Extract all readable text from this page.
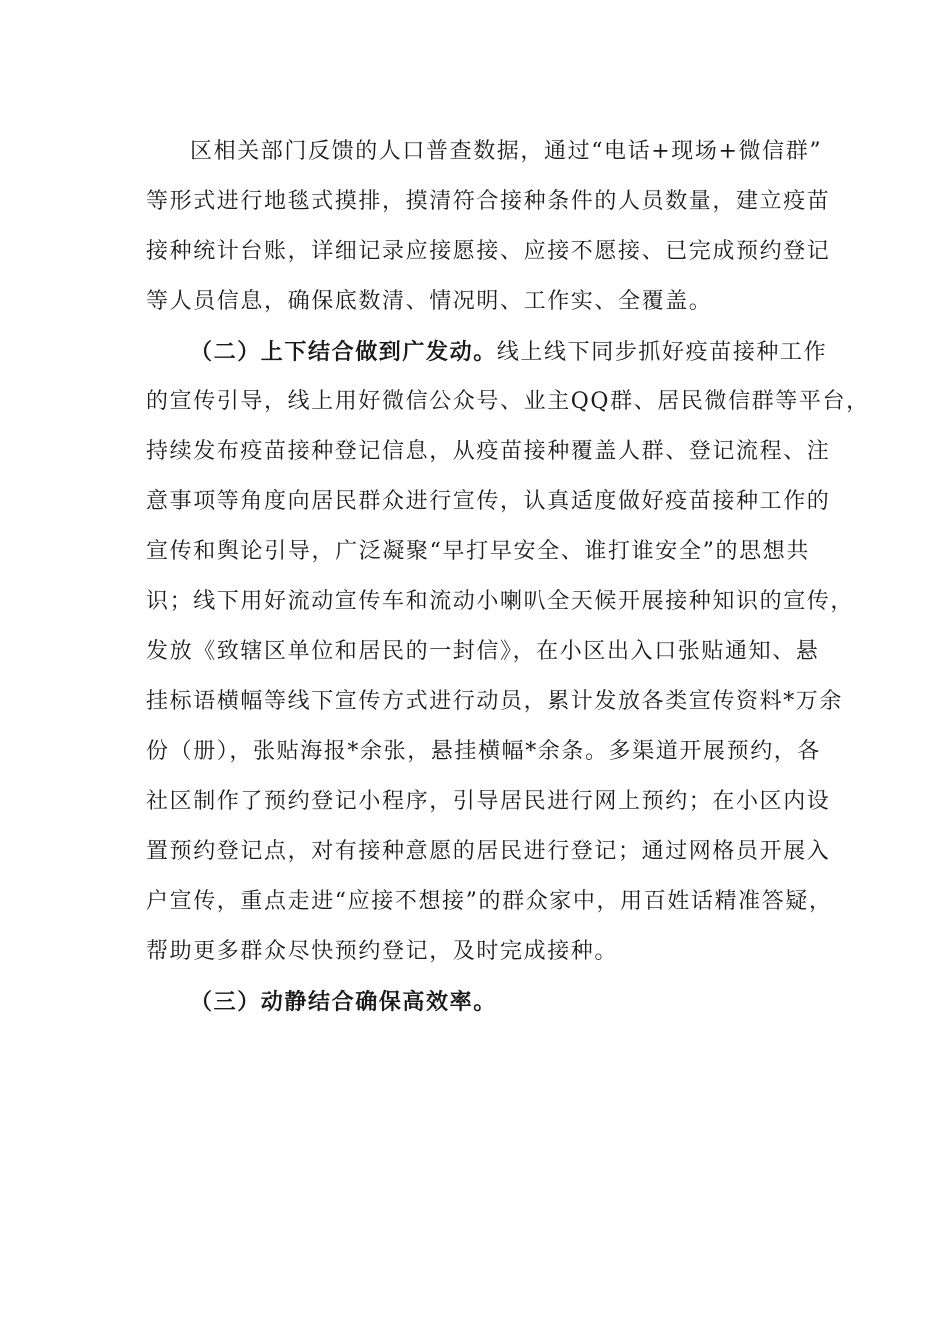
区相关部门反馈的人口普查数据，通过“电话+现场+微信群”
等形式进行地毯式摸排，摸清符合接种条件的人员数量，建立疫苗
接种统计台账，详细记录应接愿接、应接不愿接、已完成预约登记
等人员信息，确保底数清、情况明、工作实、全覆盖。
（二）上下结合做到广发动。线上线下同步抓好疫苗接种工作
的宣传引导，线上用好微信公众号、业主QQ群、居民微信群等平台，
持续发布疫苗接种登记信息，从疫苗接种覆盖人群、登记流程、注
意事项等角度向居民群众进行宣传，认真适度做好疫苗接种工作的
宣传和舆论引导，广泛凝聚“早打早安全、谁打谁安全”的思想共
识；线下用好流动宣传车和流动小喇叭全天候开展接种知识的宣传，
发放《致辖区单位和居民的一封信》，在小区出入口张贴通知、悬
挂标语横幅等线下宣传方式进行动员，累计发放各类宣传资料*万余
份（册），张贴海报*余张，悬挂横幅*余条。多渠道开展预约，各
社区制作了预约登记小程序，引导居民进行网上预约；在小区内设
置预约登记点，对有接种意愿的居民进行登记；通过网格员开展入
户宣传，重点走进“应接不想接”的群众家中，用百姓话精准答疑，
帮助更多群众尽快预约登记，及时完成接种。
（三）动静结合确保高效率。
